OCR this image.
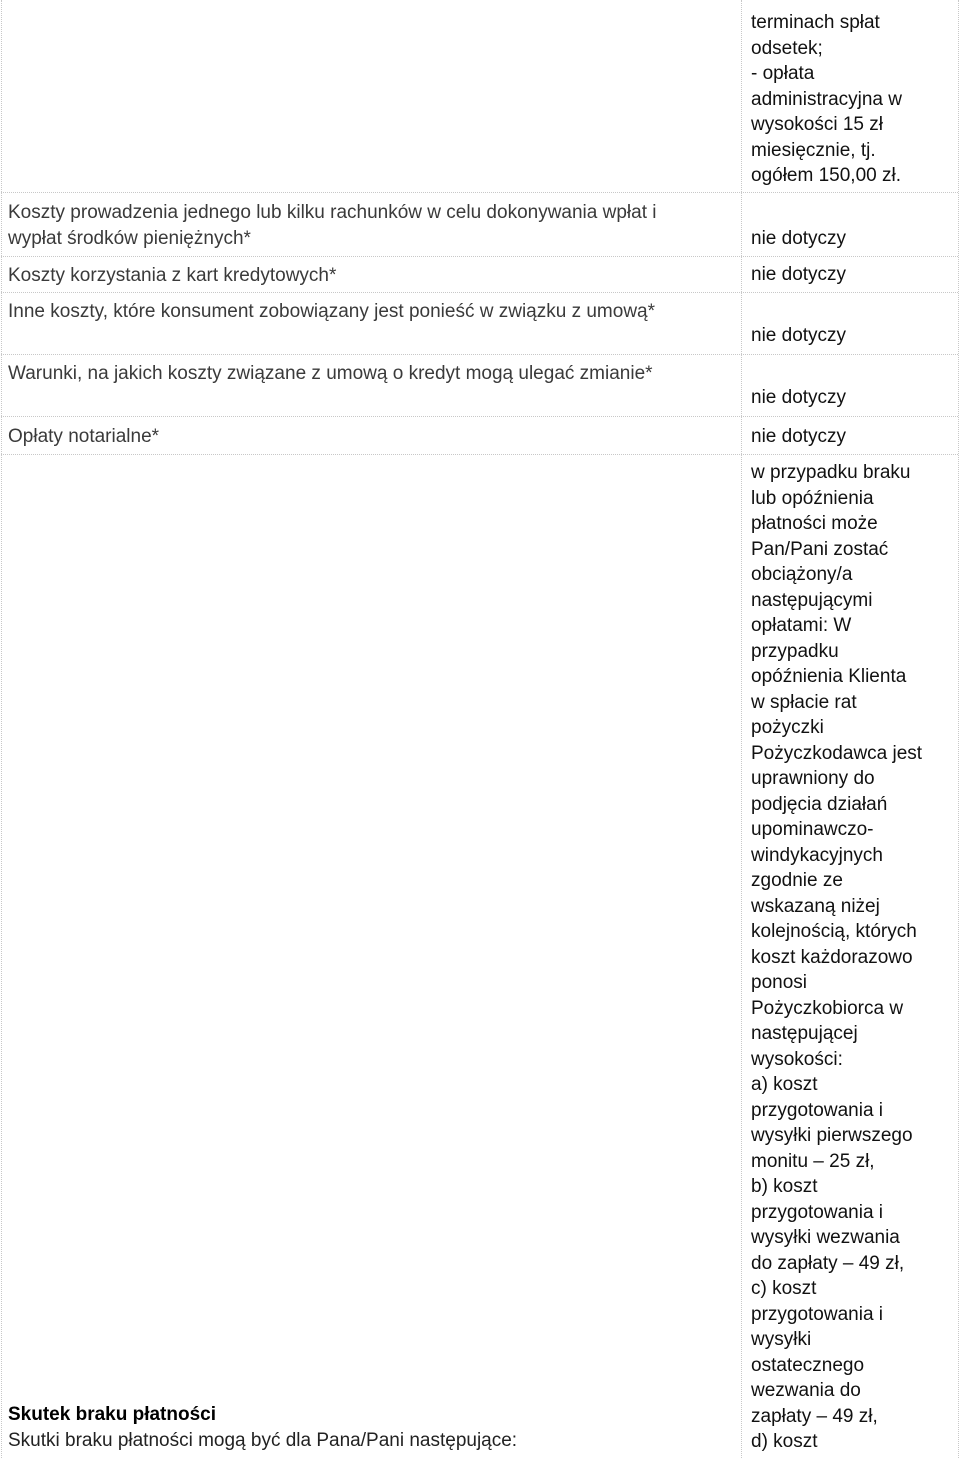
Koszty prowadzenia jednego lub kilku rachunków w celu dokonywania wpłat i wypłat środków pieniężnych*
Koszty korzystania z kart kredytowych*
Inne koszty, które konsument zobowiązany jest ponieść w związku z umową*
Warunki, na jakich koszty związane z umową o kredyt mogą ulegać zmianie*
Opłaty notarialne*
Skutek braku płatności
Skutki braku płatności mogą być dla Pana/Pani następujące:
terminach spłat
odsetek;
- opłata
administracyjna w
wysokości 15 zł
miesięcznie, tj.
ogółem 150,00 zł.
nie dotyczy
nie dotyczy
nie dotyczy
nie dotyczy
nie dotyczy
w przypadku braku
lub opóźnienia
płatności może
Pan/Pani zostać
obciążony/a
następującymi
opłatami: W
przypadku
opóźnienia Klienta
w spłacie rat
pożyczki
Pożyczkodawca jest
uprawniony do
podjęcia działań
upominawczo-
windykacyjnych
zgodnie ze
wskazaną niżej
kolejnością, których
koszt każdorazowo
ponosi
Pożyczkobiorca w
następującej
wysokości:
a) koszt
przygotowania i
wysyłki pierwszego
monitu – 25 zł,
b) koszt
przygotowania i
wysyłki wezwania
do zapłaty – 49 zł,
c) koszt
przygotowania i
wysyłki
ostatecznego
wezwania do
zapłaty – 49 zł,
d) koszt
